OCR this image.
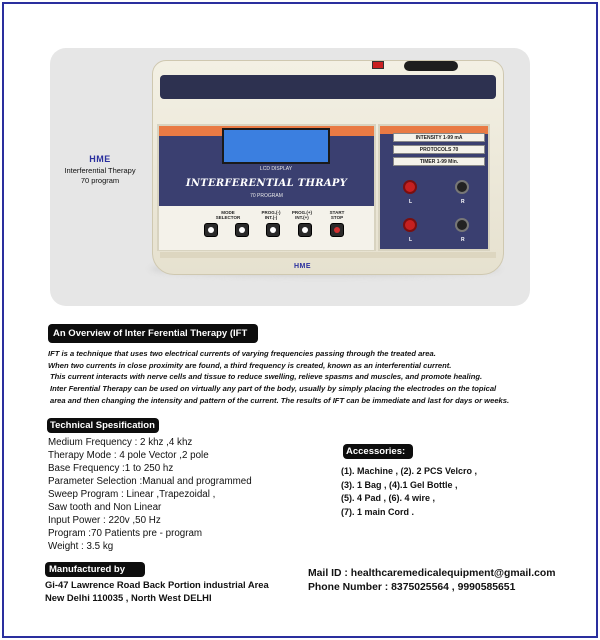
LCD DISPLAY
INTERFERENTIAL THRAPY
70 PROGRAM
MODE
SELECTOR
PROG.(-)
INT.(-)
PROG.(+)
INT.(+)
START
STOP
INTENSITY 1-99 mA
PROTOCOLS 70
TIMER 1-99 Min.
L	R
L	R
HME
HME
Interferential Therapy
70 program
An Overview of Inter Ferential Therapy (IFT

IFT is a technique that uses two electrical currents of varying frequencies passing through the treated area.

When two currents in close proximity are found, a third frequency is created, known as an interferential current.

This current interacts with nerve cells and tissue to reduce swelling, relieve spasms and muscles, and promote healing.

Inter Ferential Therapy can be used on virtually any part of the body, usually by simply placing the electrodes on the topical

area and then changing the intensity and pattern of the current. The results of IFT can be immediate and last for days or weeks.

Technical Spesification
Medium Frequency : 2 khz ,4 khz
Therapy Mode : 4 pole Vector ,2 pole
Base Frequency :1 to 250 hz
Parameter Selection :Manual and programmed
Sweep Program : Linear ,Trapezoidal ,
Saw tooth and Non Linear
Input Power : 220v ,50 Hz
Program :70 Patients pre - program
Weight : 3.5 kg
Accessories:
(1). Machine , (2). 2 PCS Velcro ,
(3). 1 Bag , (4).1 Gel Bottle ,
(5). 4 Pad , (6). 4 wire ,
(7). 1 main Cord .
Manufactured by
Gi-47 Lawrence Road Back Portion industrial Area
New Delhi 110035 , North West DELHI
Mail ID : healthcaremedicalequipment@gmail.com
Phone Number : 8375025564 , 9990585651
